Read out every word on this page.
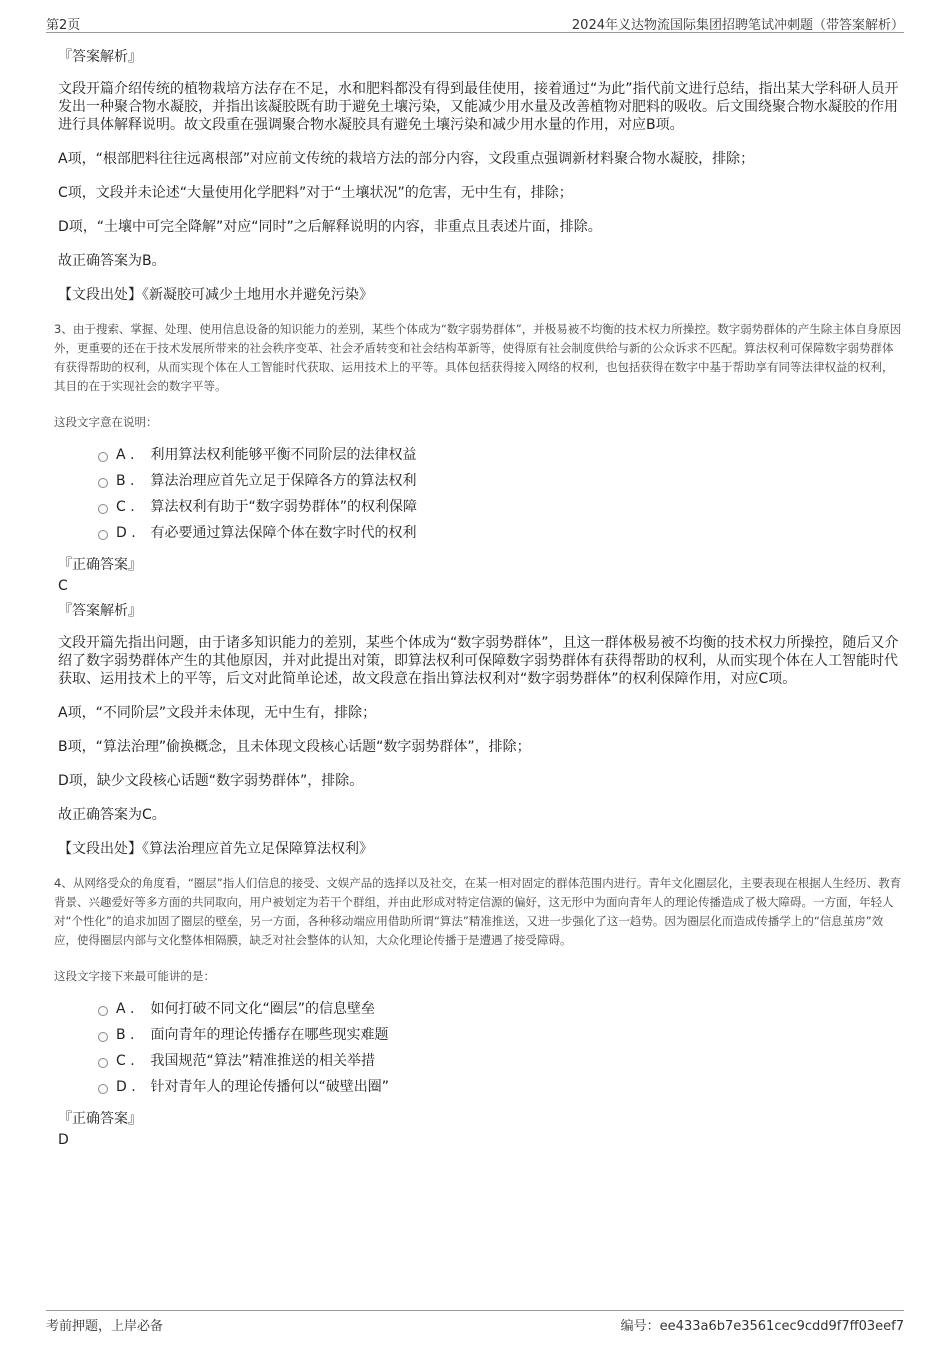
第2页	2024年义达物流国际集团招聘笔试冲刺题（带答案解析）
『答案解析』
文段开篇介绍传统的植物栽培方法存在不足，水和肥料都没有得到最佳使用，接着通过“为此”指代前文进行总结，指出某大学科研人员开发出一种聚合物水凝胶，并指出该凝胶既有助于避免土壤污染，又能减少用水量及改善植物对肥料的吸收。后文围绕聚合物水凝胶的作用进行具体解释说明。故文段重在强调聚合物水凝胶具有避免土壤污染和减少用水量的作用，对应B项。
A项，“根部肥料往往远离根部”对应前文传统的栽培方法的部分内容，文段重点强调新材料聚合物水凝胶，排除；
C项，文段并未论述“大量使用化学肥料”对于“土壤状况”的危害，无中生有，排除；
D项，“土壤中可完全降解”对应“同时”之后解释说明的内容，非重点且表述片面，排除。
故正确答案为B。
【文段出处】《新凝胶可减少土地用水并避免污染》
3、由于搜索、掌握、处理、使用信息设备的知识能力的差别，某些个体成为“数字弱势群体”，并极易被不均衡的技术权力所操控。数字弱势群体的产生除主体自身原因外，更重要的还在于技术发展所带来的社会秩序变革、社会矛盾转变和社会结构革新等，使得原有社会制度供给与新的公众诉求不匹配。算法权利可保障数字弱势群体有获得帮助的权利，从而实现个体在人工智能时代获取、运用技术上的平等。具体包括获得接入网络的权利，也包括获得在数字中基于帮助享有同等法律权益的权利，其目的在于实现社会的数字平等。
这段文字意在说明：
A . 利用算法权利能够平衡不同阶层的法律权益
B . 算法治理应首先立足于保障各方的算法权利
C . 算法权利有助于“数字弱势群体”的权利保障
D . 有必要通过算法保障个体在数字时代的权利
『正确答案』
C
『答案解析』
文段开篇先指出问题，由于诸多知识能力的差别，某些个体成为“数字弱势群体”，且这一群体极易被不均衡的技术权力所操控，随后又介绍了数字弱势群体产生的其他原因，并对此提出对策，即算法权利可保障数字弱势群体有获得帮助的权利，从而实现个体在人工智能时代获取、运用技术上的平等，后文对此简单论述，故文段意在指出算法权利对“数字弱势群体”的权利保障作用，对应C项。
A项，“不同阶层”文段并未体现，无中生有，排除；
B项，“算法治理”偷换概念，且未体现文段核心话题“数字弱势群体”，排除；
D项，缺少文段核心话题“数字弱势群体”，排除。
故正确答案为C。
【文段出处】《算法治理应首先立足保障算法权利》
4、从网络受众的角度看，“圈层”指人们信息的接受、文娱产品的选择以及社交，在某一相对固定的群体范围内进行。青年文化圈层化，主要表现在根据人生经历、教育背景、兴趣爱好等多方面的共同取向，用户被划定为若干个群组，并由此形成对特定信源的偏好，这无形中为面向青年人的理论传播造成了极大障碍。一方面，年轻人对“个性化”的追求加固了圈层的壁垒，另一方面，各种移动端应用借助所谓“算法”精准推送，又进一步强化了这一趋势。因为圈层化而造成传播学上的“信息茧房”效应，使得圈层内部与文化整体相隔膜，缺乏对社会整体的认知，大众化理论传播于是遭遇了接受障碍。
这段文字接下来最可能讲的是：
A . 如何打破不同文化“圈层”的信息壁垒
B . 面向青年的理论传播存在哪些现实难题
C . 我国规范“算法”精准推送的相关举措
D . 针对青年人的理论传播何以“破壁出圈”
『正确答案』
D
考前押题，上岸必备	编号：ee433a6b7e3561cec9cdd9f7ff03eef7
